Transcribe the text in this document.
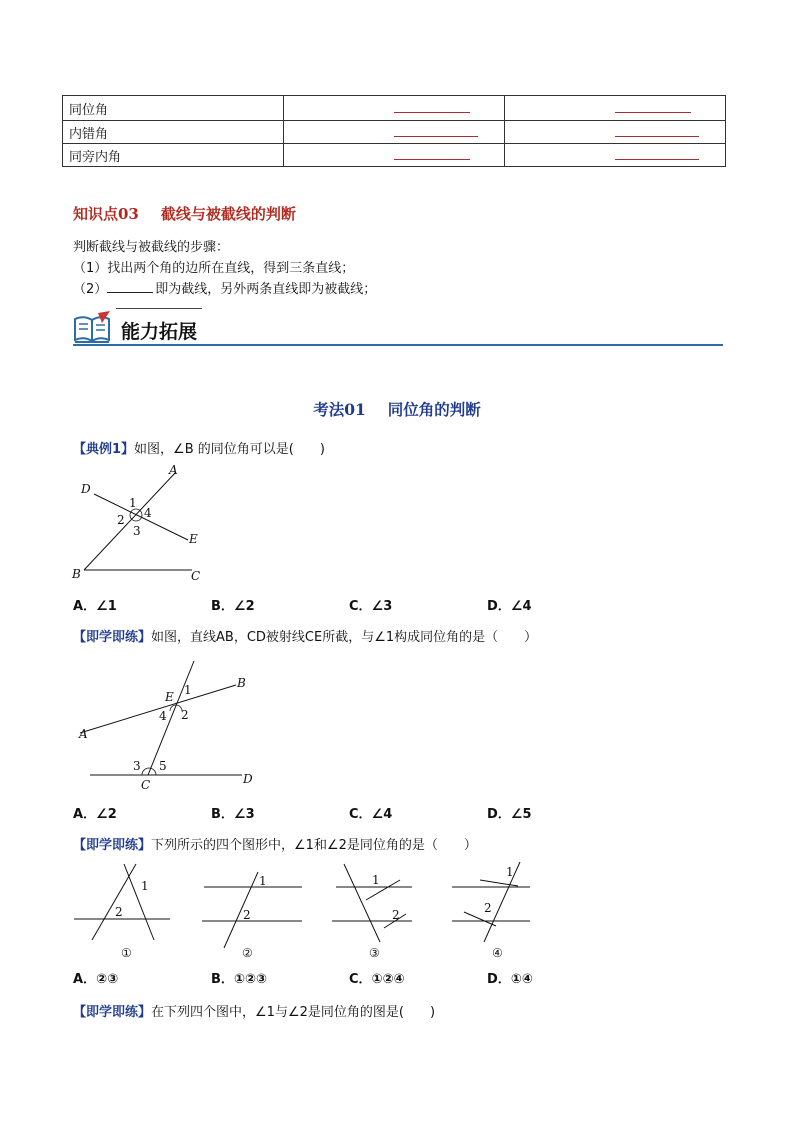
同位角	

内错角	

同旁内角	

知识点03 截线与被截线的判断
判断截线与被截线的步骤：
（1）找出两个角的边所在直线，得到三条直线；
（2）	即为截线，另外两条直线即为被截线；
能力拓展
考法01 同位角的判断
【典例1】如图，∠B 的同位角可以是(　　)
A
D
1
2 4
3
E
B	C
A．∠1	B．∠2	C．∠3	D．∠4
【即学即练】如图，直线AB，CD被射线CE所截，与∠1构成同位角的是（　　）
B
E 1
4 2
A
3 5
C	D
A．∠2	B．∠3	C．∠4	D．∠5
【即学即练】下列所示的四个图形中，∠1和∠2是同位角的是（　　）
1
2
①
1
2
②
1
2
③
1
2
④
A．②③	B．①②③	C．①②④	D．①④
【即学即练】在下列四个图中，∠1与∠2是同位角的图是(　　)
